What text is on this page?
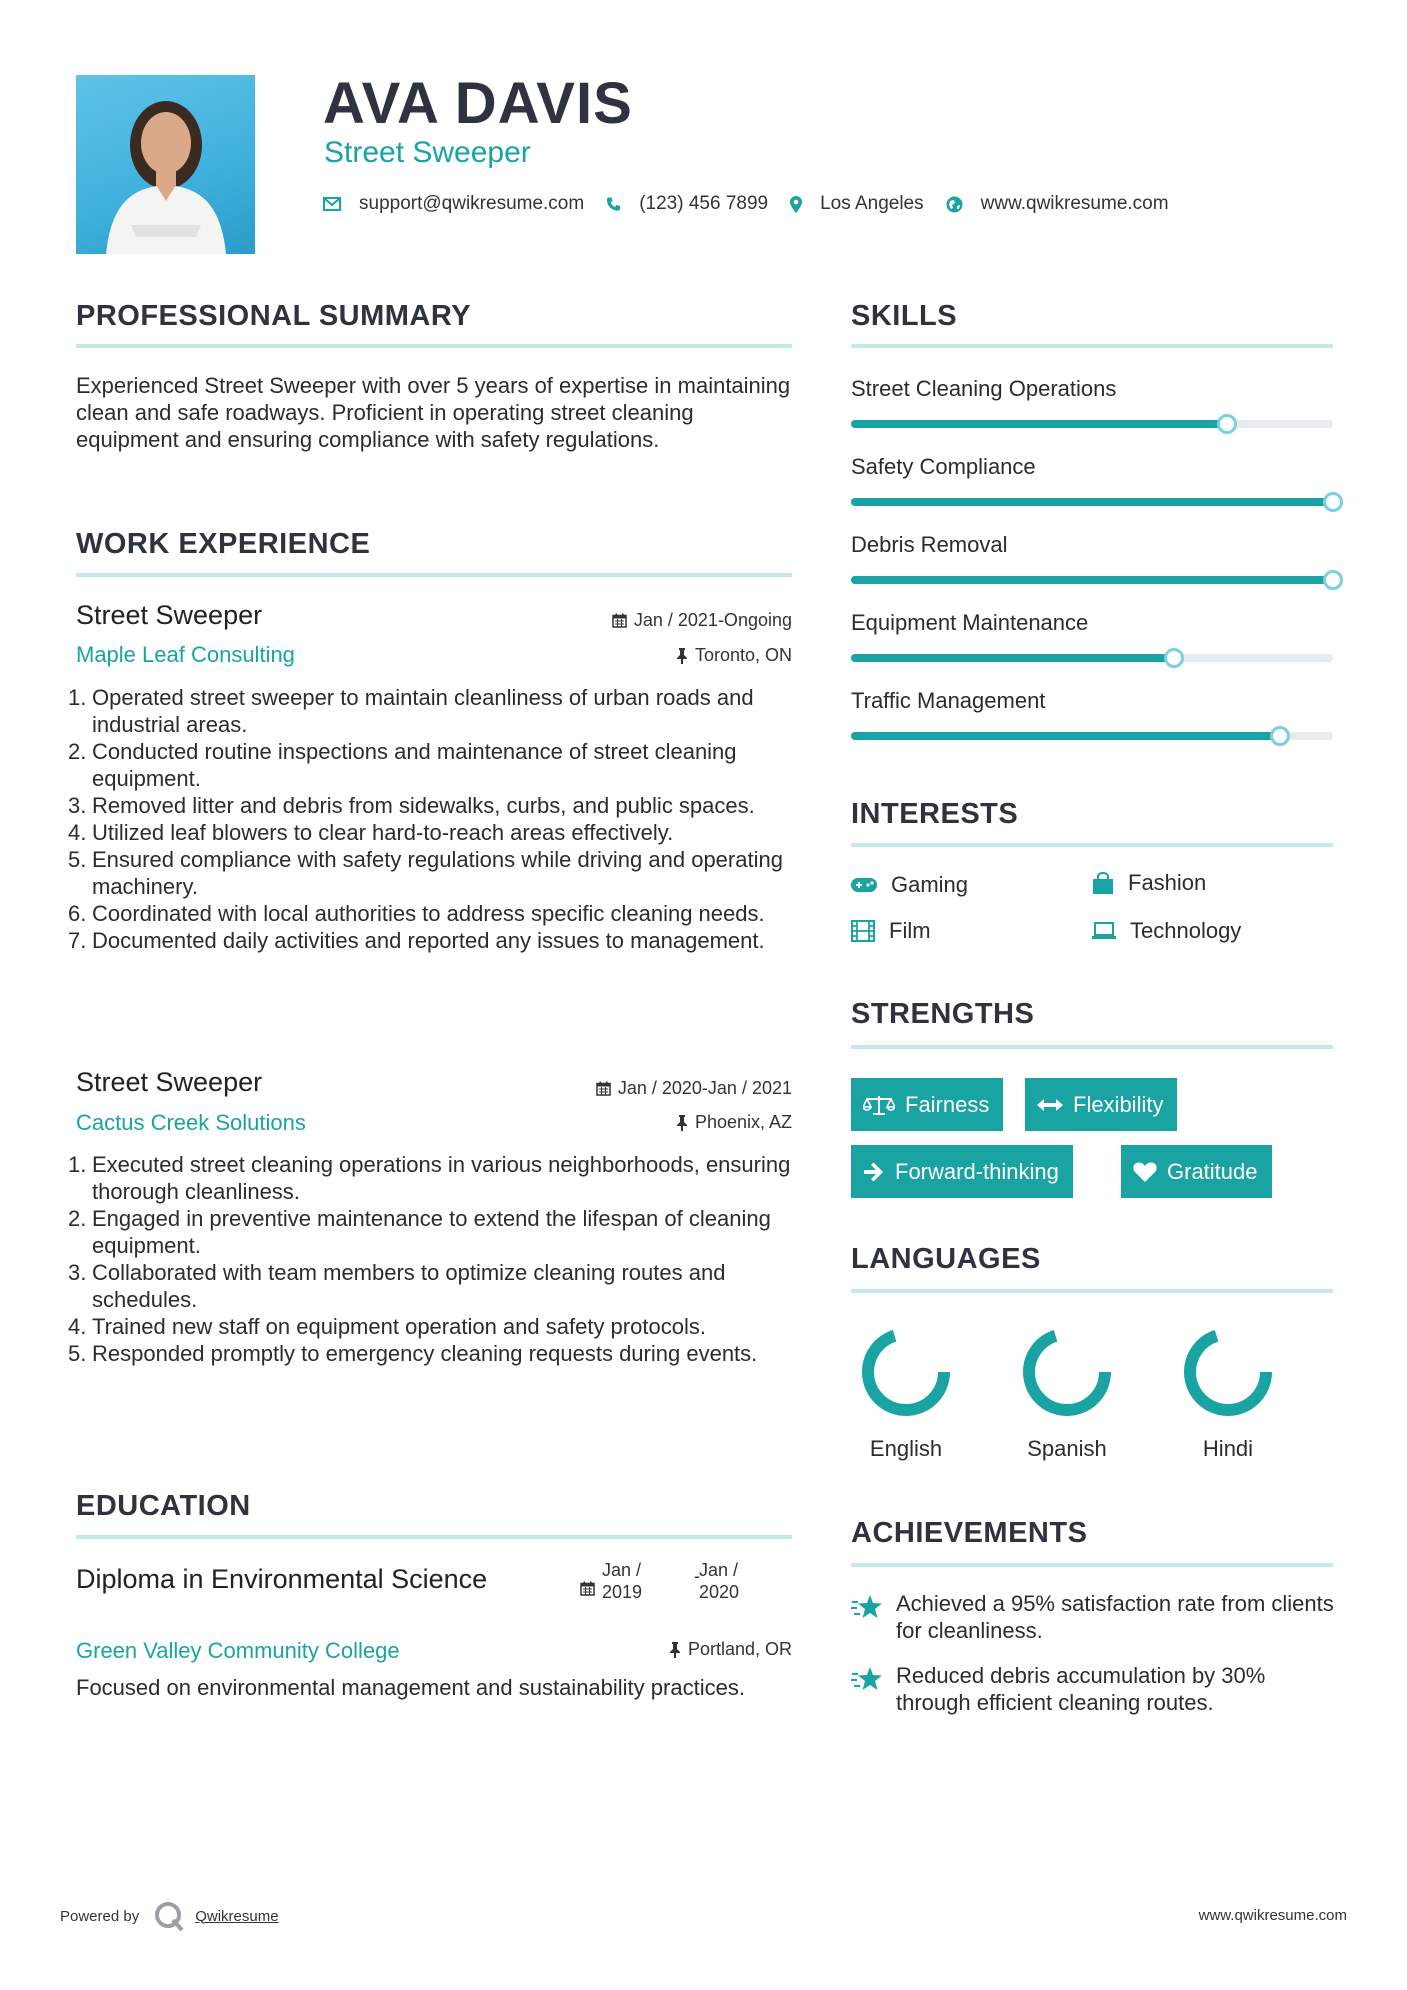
AVA DAVIS
Street Sweeper
support@qwikresume.com	(123) 456 7899	Los Angeles	www.qwikresume.com
PROFESSIONAL SUMMARY
Experienced Street Sweeper with over 5 years of expertise in maintaining clean and safe roadways. Proficient in operating street cleaning equipment and ensuring compliance with safety regulations.
WORK EXPERIENCE
Street Sweeper	Jan / 2021-Ongoing
Maple Leaf Consulting	Toronto, ON
1. Operated street sweeper to maintain cleanliness of urban roads and industrial areas.
2. Conducted routine inspections and maintenance of street cleaning equipment.
3. Removed litter and debris from sidewalks, curbs, and public spaces.
4. Utilized leaf blowers to clear hard-to-reach areas effectively.
5. Ensured compliance with safety regulations while driving and operating machinery.
6. Coordinated with local authorities to address specific cleaning needs.
7. Documented daily activities and reported any issues to management.
Street Sweeper	Jan / 2020-Jan / 2021
Cactus Creek Solutions	Phoenix, AZ
1. Executed street cleaning operations in various neighborhoods, ensuring thorough cleanliness.
2. Engaged in preventive maintenance to extend the lifespan of cleaning equipment.
3. Collaborated with team members to optimize cleaning routes and schedules.
4. Trained new staff on equipment operation and safety protocols.
5. Responded promptly to emergency cleaning requests during events.
EDUCATION
Diploma in Environmental Science	Jan / 2019
- Jan / 2020
Green Valley Community College	Portland, OR
Focused on environmental management and sustainability practices.
SKILLS
Street Cleaning Operations
Safety Compliance
Debris Removal
Equipment Maintenance
Traffic Management
INTERESTS
Gaming	Fashion
Film	Technology
STRENGTHS
Fairness	Flexibility
Forward-thinking	Gratitude
LANGUAGES
English	Spanish	Hindi
ACHIEVEMENTS
Achieved a 95% satisfaction rate from clients for cleanliness.
Reduced debris accumulation by 30% through efficient cleaning routes.
Powered by	Qwikresume	www.qwikresume.com
